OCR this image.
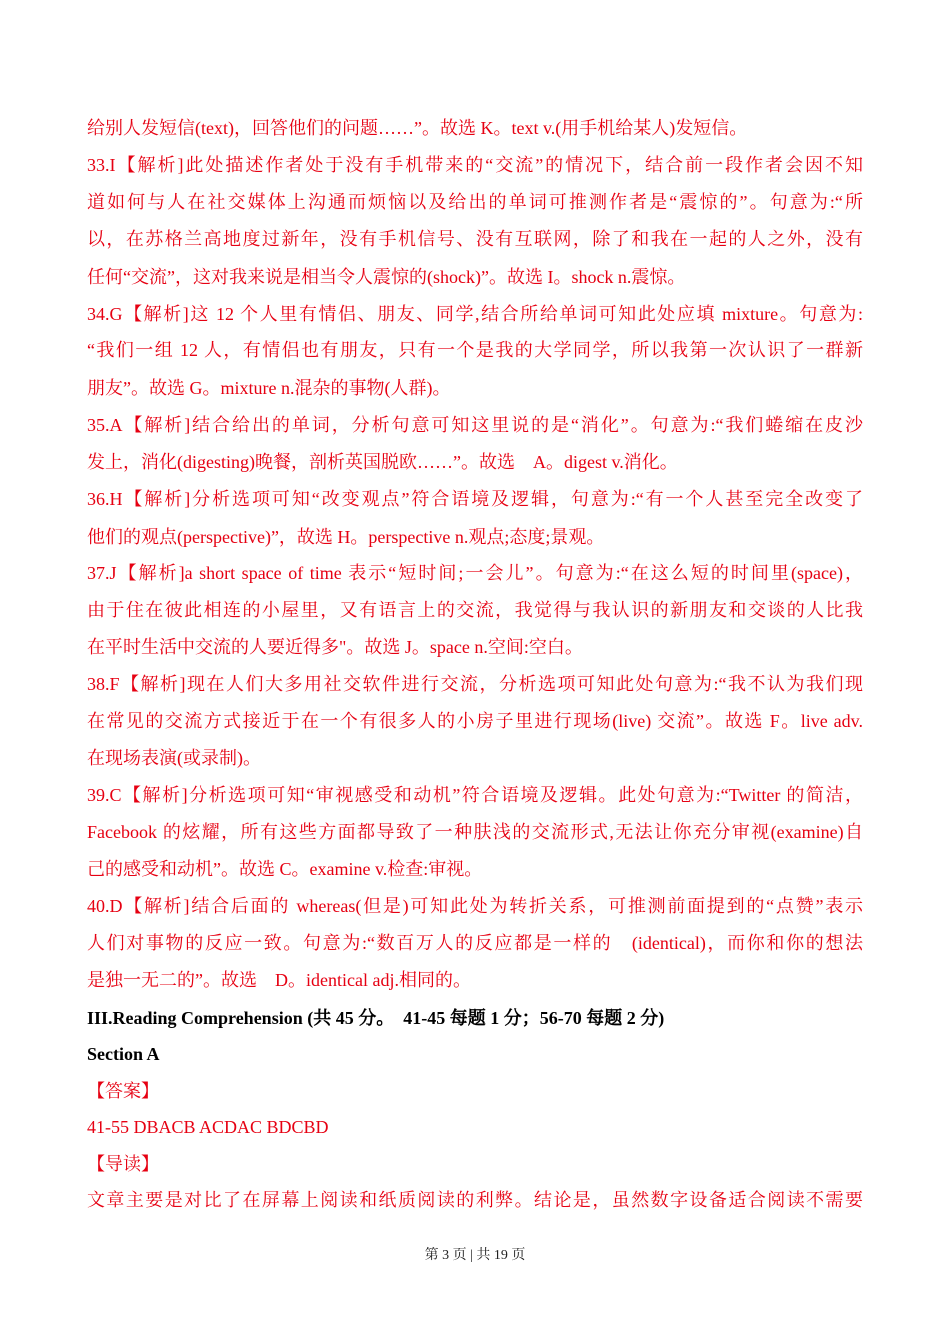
给别人发短信(text)，回答他们的问题……”。故选 K。text v.(用手机给某人)发短信。
33.I【解析]此处描述作者处于没有手机带来的“交流”的情况下，结合前一段作者会因不知
道如何与人在社交媒体上沟通而烦恼以及给出的单词可推测作者是“震惊的”。句意为:“所
以，在苏格兰高地度过新年，没有手机信号、没有互联网，除了和我在一起的人之外，没有
任何“交流”，这对我来说是相当令人震惊的(shock)”。故选 I。shock n.震惊。
34.G【解析]这 12 个人里有情侣、朋友、同学,结合所给单词可知此处应填 mixture。句意为:
“我们一组 12 人，有情侣也有朋友，只有一个是我的大学同学，所以我第一次认识了一群新
朋友”。故选 G。mixture n.混杂的事物(人群)。
35.A【解析]结合给出的单词，分析句意可知这里说的是“消化”。句意为:“我们蜷缩在皮沙
发上，消化(digesting)晚餐，剖析英国脱欧……”。故选　A。digest v.消化。
36.H【解析]分析选项可知“改变观点”符合语境及逻辑，句意为:“有一个人甚至完全改变了
他们的观点(perspective)”，故选 H。perspective n.观点;态度;景观。
37.J【解析]a short space of time 表示“短时间;一会儿”。句意为:“在这么短的时间里(space)，
由于住在彼此相连的小屋里，又有语言上的交流，我觉得与我认识的新朋友和交谈的人比我
在平时生活中交流的人要近得多"。故选 J。space n.空间:空白。
38.F【解析]现在人们大多用社交软件进行交流，分析选项可知此处句意为:“我不认为我们现
在常见的交流方式接近于在一个有很多人的小房子里进行现场(live) 交流”。故选 F。live adv.
在现场表演(或录制)。
39.C【解析]分析选项可知“审视感受和动机”符合语境及逻辑。此处句意为:“Twitter 的简洁，
Facebook 的炫耀，所有这些方面都导致了一种肤浅的交流形式,无法让你充分审视(examine)自
己的感受和动机”。故选 C。examine v.检查:审视。
40.D【解析]结合后面的 whereas(但是)可知此处为转折关系，可推测前面提到的“点赞”表示
人们对事物的反应一致。句意为:“数百万人的反应都是一样的　(identical)，而你和你的想法
是独一无二的”。故选　D。identical adj.相同的。
III.Reading Comprehension (共 45 分。　41-45 每题 1 分；56-70 每题 2 分)
Section A
【答案】
41-55 DBACB ACDAC BDCBD
【导读】
文章主要是对比了在屏幕上阅读和纸质阅读的利弊。结论是，虽然数字设备适合阅读不需要
第 3 页 | 共 19 页
